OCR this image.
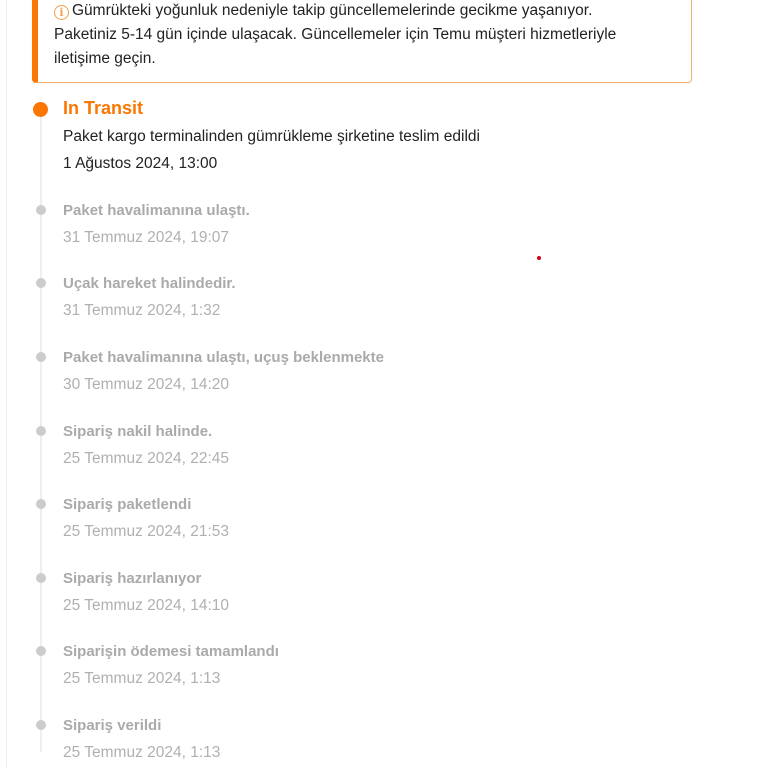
i Gümrükteki yoğunluk nedeniyle takip güncellemelerinde gecikme yaşanıyor.
Paketiniz 5-14 gün içinde ulaşacak. Güncellemeler için Temu müşteri hizmetleriyle
iletişime geçin.
In Transit
Paket kargo terminalinden gümrükleme şirketine teslim edildi
1 Ağustos 2024, 13:00
Paket havalimanına ulaştı.
31 Temmuz 2024, 19:07
Uçak hareket halindedir.
31 Temmuz 2024, 1:32
Paket havalimanına ulaştı, uçuş beklenmekte
30 Temmuz 2024, 14:20
Sipariş nakil halinde.
25 Temmuz 2024, 22:45
Sipariş paketlendi
25 Temmuz 2024, 21:53
Sipariş hazırlanıyor
25 Temmuz 2024, 14:10
Siparişin ödemesi tamamlandı
25 Temmuz 2024, 1:13
Sipariş verildi
25 Temmuz 2024, 1:13
